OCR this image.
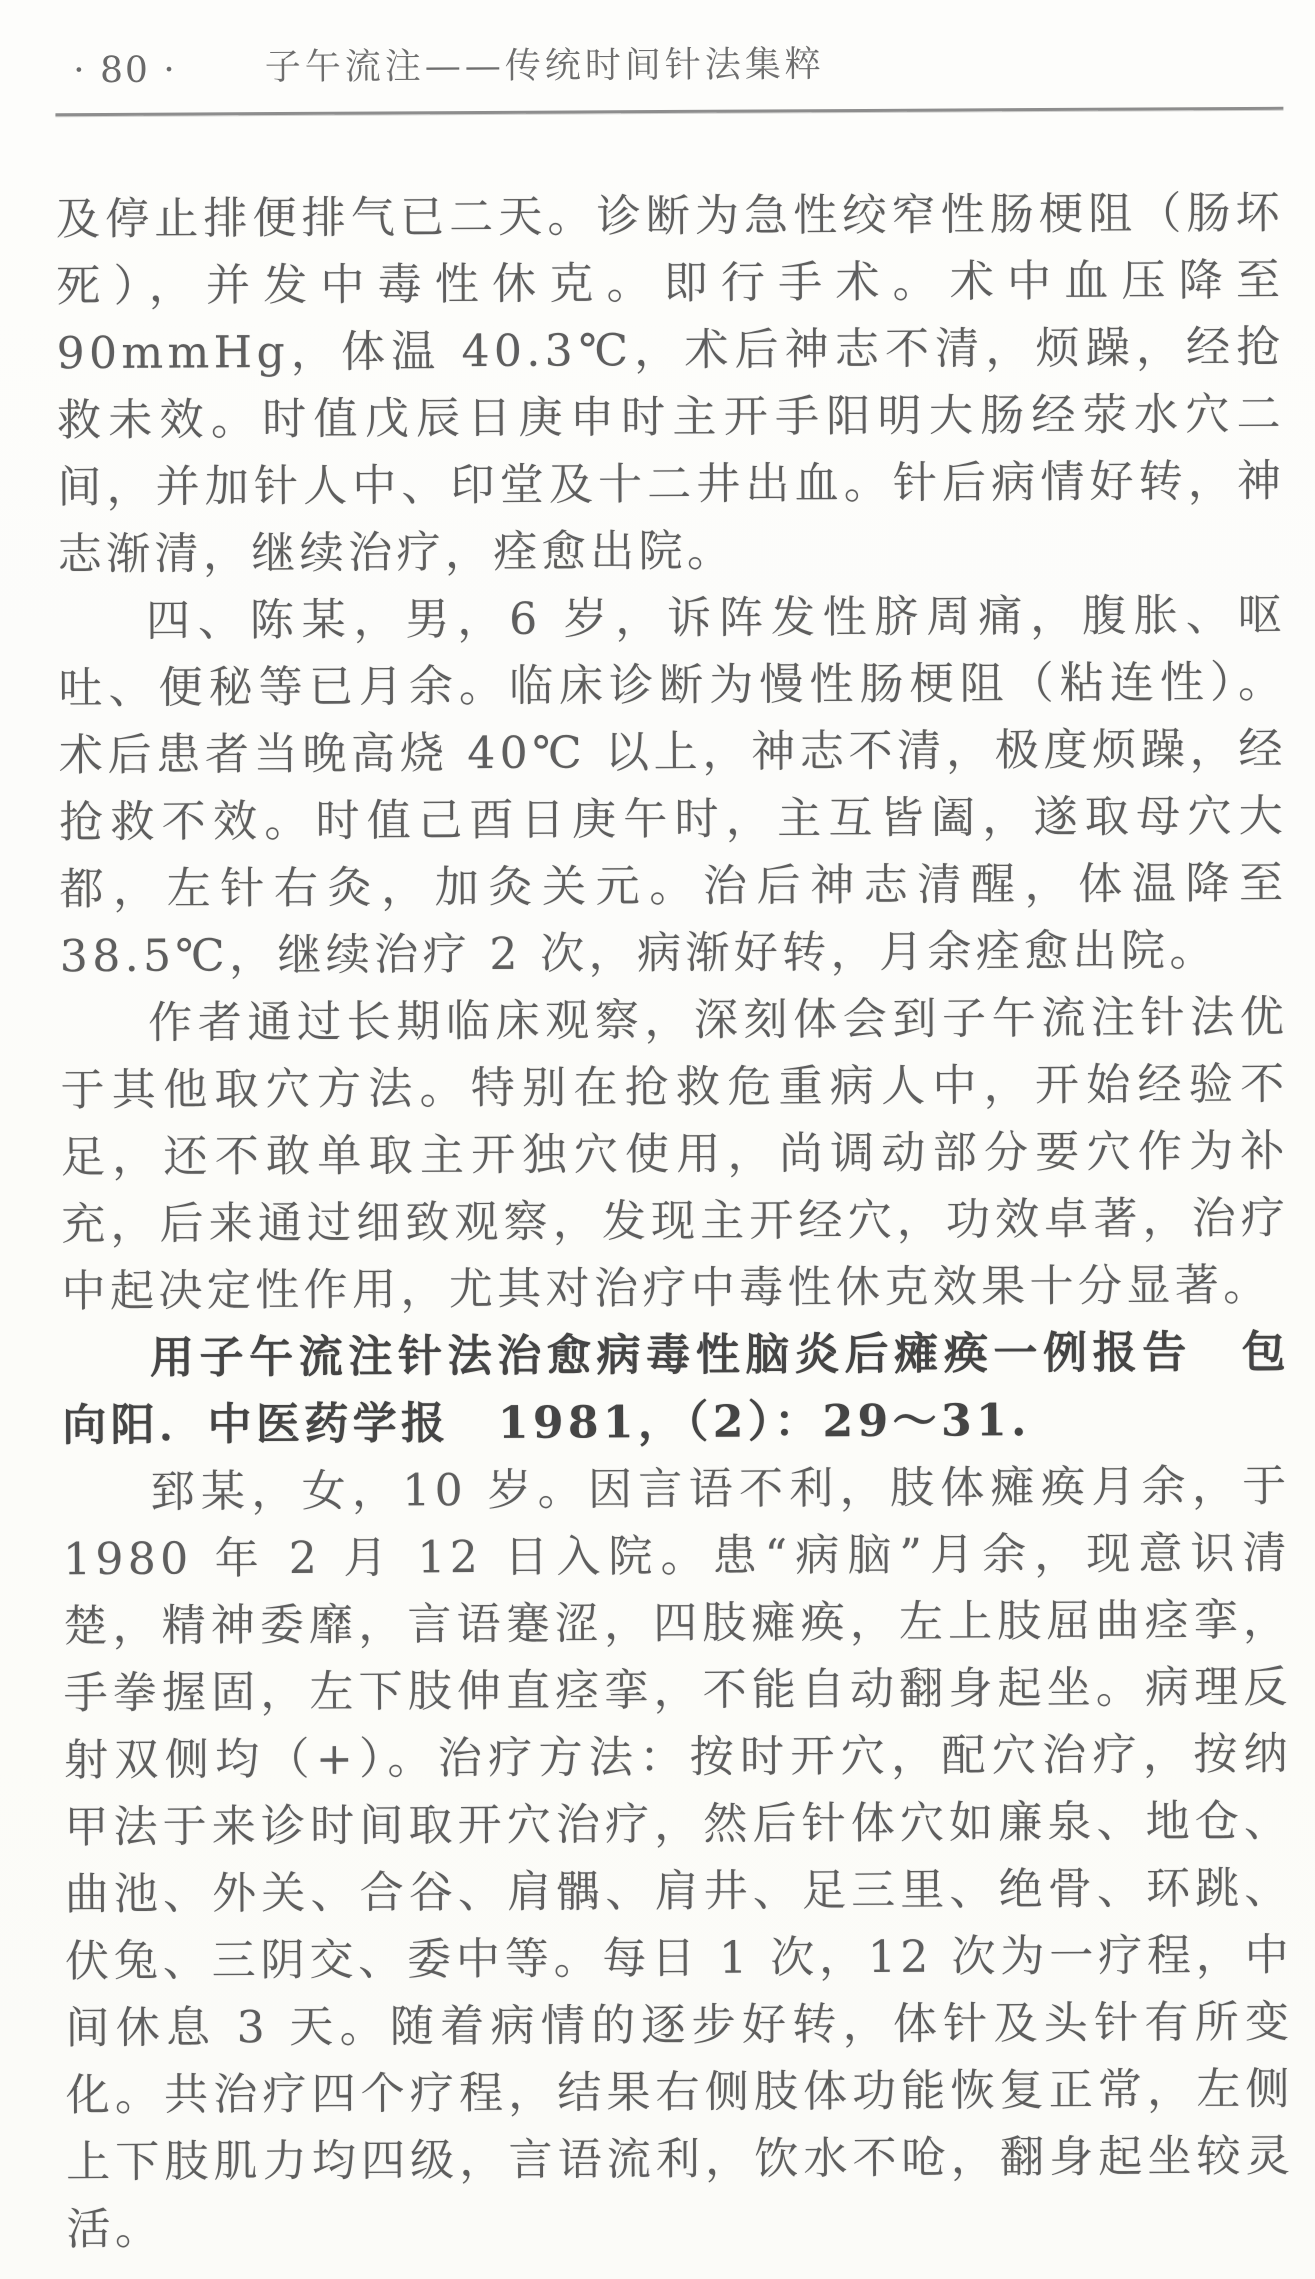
· 80 · 子午流注——传统时间针法集粹

及停止排便排气已二天。诊断为急性绞窄性肠梗阻（肠坏死），并发中毒性休克。即行手术。术中血压降至 90mmHg，体温 40.3℃，术后神志不清，烦躁，经抢救未效。时值戊辰日庚申时主开手阳明大肠经荥水穴二间，并加针人中、印堂及十二井出血。针后病情好转，神志渐清，继续治疗，痊愈出院。

四、陈某，男，6 岁，诉阵发性脐周痛，腹胀、呕吐、便秘等已月余。临床诊断为慢性肠梗阻（粘连性）。术后患者当晚高烧 40℃ 以上，神志不清，极度烦躁，经抢救不效。时值己酉日庚午时，主互皆阖，遂取母穴大都，左针右灸，加灸关元。治后神志清醒，体温降至 38.5℃，继续治疗 2 次，病渐好转，月余痊愈出院。

作者通过长期临床观察，深刻体会到子午流注针法优于其他取穴方法。特别在抢救危重病人中，开始经验不足，还不敢单取主开独穴使用，尚调动部分要穴作为补充，后来通过细致观察，发现主开经穴，功效卓著，治疗中起决定性作用，尤其对治疗中毒性休克效果十分显著。

用子午流注针法治愈病毒性脑炎后瘫痪一例报告　包向阳．中医药学报　1981，（2）：29～31.

郅某，女，10 岁。因言语不利，肢体瘫痪月余，于 1980 年 2 月 12 日入院。患“病脑”月余，现意识清楚，精神委靡，言语蹇涩，四肢瘫痪，左上肢屈曲痉挛，手拳握固，左下肢伸直痉挛，不能自动翻身起坐。病理反射双侧均（+）。治疗方法：按时开穴，配穴治疗，按纳甲法于来诊时间取开穴治疗，然后针体穴如廉泉、地仓、曲池、外关、合谷、肩髃、肩井、足三里、绝骨、环跳、伏兔、三阴交、委中等。每日 1 次，12 次为一疗程，中间休息 3 天。随着病情的逐步好转，体针及头针有所变化。共治疗四个疗程，结果右侧肢体功能恢复正常，左侧上下肢肌力均四级，言语流利，饮水不呛，翻身起坐较灵活。
